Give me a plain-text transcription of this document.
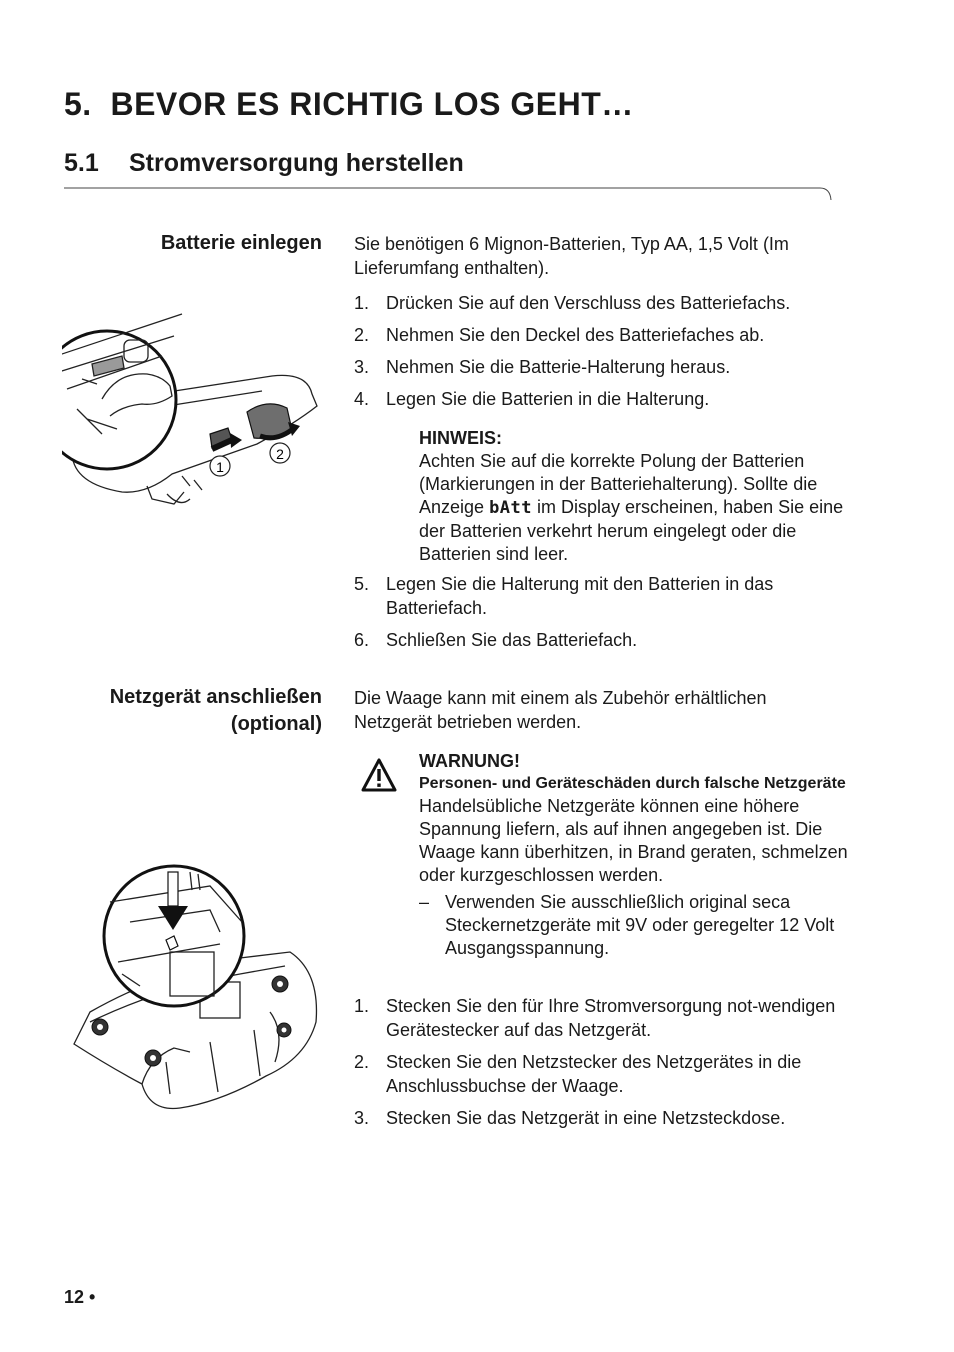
5. BEVOR ES RICHTIG LOS GEHT…
5.1 Stromversorgung herstellen
Batterie einlegen Sie benötigen 6 Mignon-Batterien, Typ AA, 1,5 Volt (Im Lieferumfang enthalten).
1. Drücken Sie auf den Verschluss des Batteriefachs.
2. Nehmen Sie den Deckel des Batteriefaches ab.
3. Nehmen Sie die Batterie-Halterung heraus.
4. Legen Sie die Batterien in die Halterung.
HINWEIS:
Achten Sie auf die korrekte Polung der Batterien (Markierungen in der Batteriehalterung). Sollte die Anzeige bAtt im Display erscheinen, haben Sie eine der Batterien verkehrt herum eingelegt oder die Batterien sind leer.
5. Legen Sie die Halterung mit den Batterien in das Batteriefach.
6. Schließen Sie das Batteriefach.
1
2
Netzgerät anschließen
(optional)
Die Waage kann mit einem als Zubehör erhältlichen Netzgerät betrieben werden.
WARNUNG!
Personen- und Geräteschäden durch falsche Netzgeräte
Handelsübliche Netzgeräte können eine höhere Spannung liefern, als auf ihnen angegeben ist. Die Waage kann überhitzen, in Brand geraten, schmelzen oder kurzgeschlossen werden.
– Verwenden Sie ausschließlich original seca Steckernetzgeräte mit 9V oder geregelter 12 Volt Ausgangsspannung.
1. Stecken Sie den für Ihre Stromversorgung not-wendigen Gerätestecker auf das Netzgerät.
2. Stecken Sie den Netzstecker des Netzgerätes in die Anschlussbuchse der Waage.
3. Stecken Sie das Netzgerät in eine Netzsteckdose.
12 •
